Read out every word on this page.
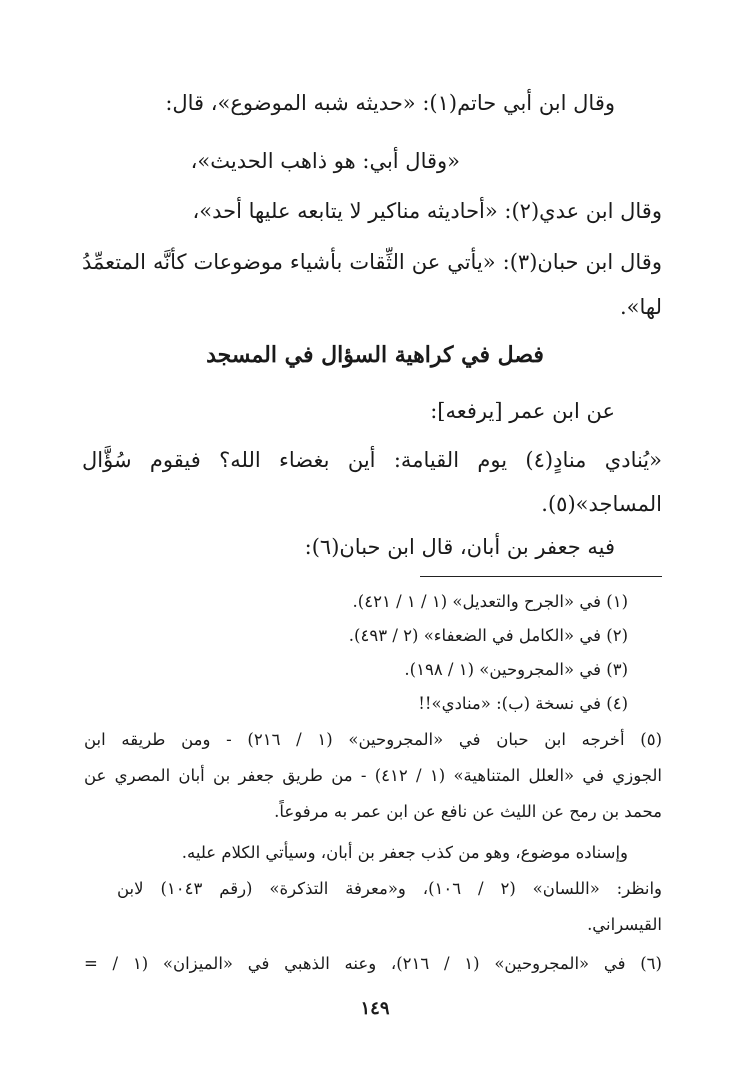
وقال ابن أبي حاتم(١): «حديثه شبه الموضوع»، قال:
«وقال أبي: هو ذاهب الحديث»،
وقال ابن عدي(٢): «أحاديثه مناكير لا يتابعه عليها أحد»،
وقال ابن حبان(٣): «يأتي عن الثِّقات بأشياء موضوعات كأنَّه المتعمِّدُ
لها».
فصل في كراهية السؤال في المسجد
عن ابن عمر [يرفعه]:
«يُنادي منادٍ(٤) يوم القيامة: أين بغضاء الله؟ فيقوم سُؤَّال
المساجد»(٥).
فيه جعفر بن أبان، قال ابن حبان(٦):
(١) في «الجرح والتعديل» (١ / ١ / ٤٢١).
(٢) في «الكامل في الضعفاء» (٢ / ٤٩٣).
(٣) في «المجروحين» (١ / ١٩٨).
(٤) في نسخة (ب): «منادي»!!
(٥) أخرجه ابن حبان في «المجروحين» (١ / ٢١٦) - ومن طريقه ابن
الجوزي في «العلل المتناهية» (١ / ٤١٢) - من طريق جعفر بن أبان المصري عن
محمد بن رمح عن الليث عن نافع عن ابن عمر به مرفوعاً.
وإسناده موضوع، وهو من كذب جعفر بن أبان، وسيأتي الكلام عليه.
وانظر: «اللسان» (٢ / ١٠٦)، و«معرفة التذكرة» (رقم ١٠٤٣) لابن
القيسراني.
(٦) في «المجروحين» (١ / ٢١٦)، وعنه الذهبي في «الميزان» (١ / =
١٤٩
